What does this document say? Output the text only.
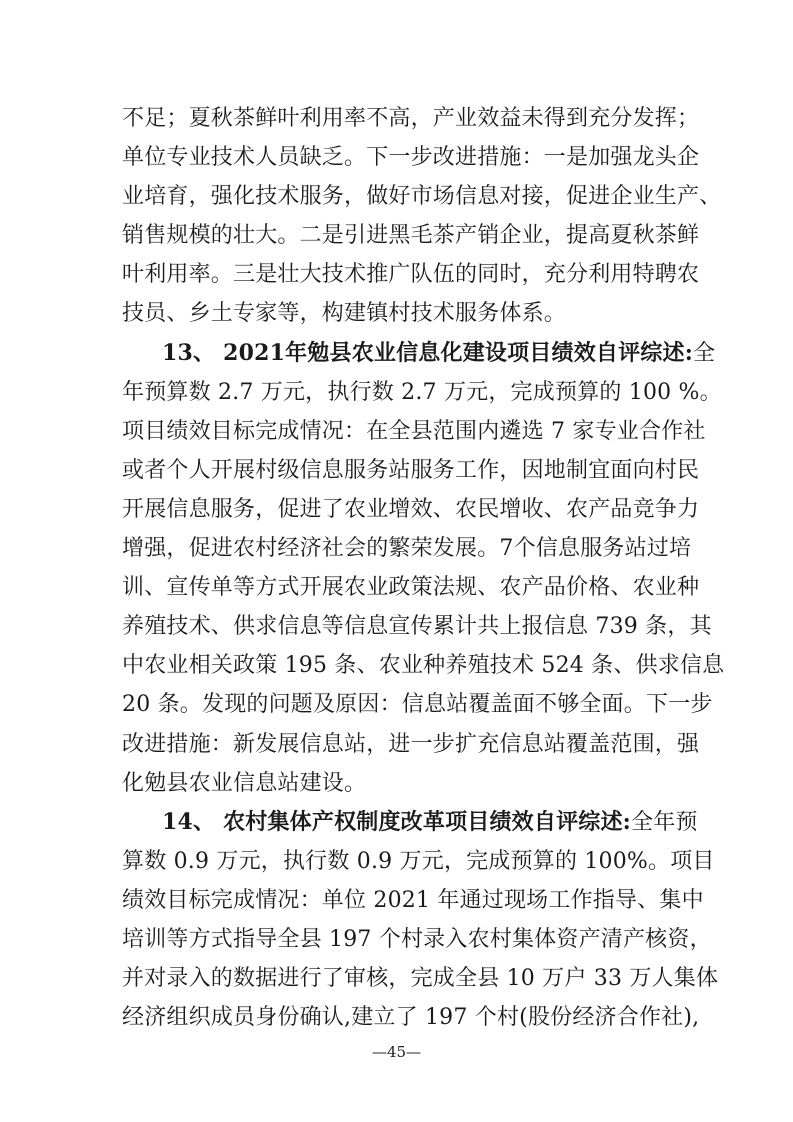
不足；夏秋茶鲜叶利用率不高，产业效益未得到充分发挥；
单位专业技术人员缺乏。下一步改进措施：一是加强龙头企
业培育，强化技术服务，做好市场信息对接，促进企业生产、
销售规模的壮大。二是引进黑毛茶产销企业，提高夏秋茶鲜
叶利用率。三是壮大技术推广队伍的同时，充分利用特聘农
技员、乡土专家等，构建镇村技术服务体系。
13、 2021年勉县农业信息化建设项目绩效自评综述:全
年预算数 2.7 万元，执行数 2.7 万元，完成预算的 100 %。
项目绩效目标完成情况：在全县范围内遴选 7 家专业合作社
或者个人开展村级信息服务站服务工作，因地制宜面向村民
开展信息服务，促进了农业增效、农民增收、农产品竞争力
增强，促进农村经济社会的繁荣发展。7个信息服务站过培
训、宣传单等方式开展农业政策法规、农产品价格、农业种
养殖技术、供求信息等信息宣传累计共上报信息 739 条，其
中农业相关政策 195 条、农业种养殖技术 524 条、供求信息
20 条。发现的问题及原因：信息站覆盖面不够全面。下一步
改进措施：新发展信息站，进一步扩充信息站覆盖范围，强
化勉县农业信息站建设。
14、 农村集体产权制度改革项目绩效自评综述:全年预
算数 0.9 万元，执行数 0.9 万元，完成预算的 100%。项目
绩效目标完成情况：单位 2021 年通过现场工作指导、集中
培训等方式指导全县 197 个村录入农村集体资产清产核资，
并对录入的数据进行了审核，完成全县 10 万户 33 万人集体
经济组织成员身份确认,建立了 197 个村(股份经济合作社),
—45—
